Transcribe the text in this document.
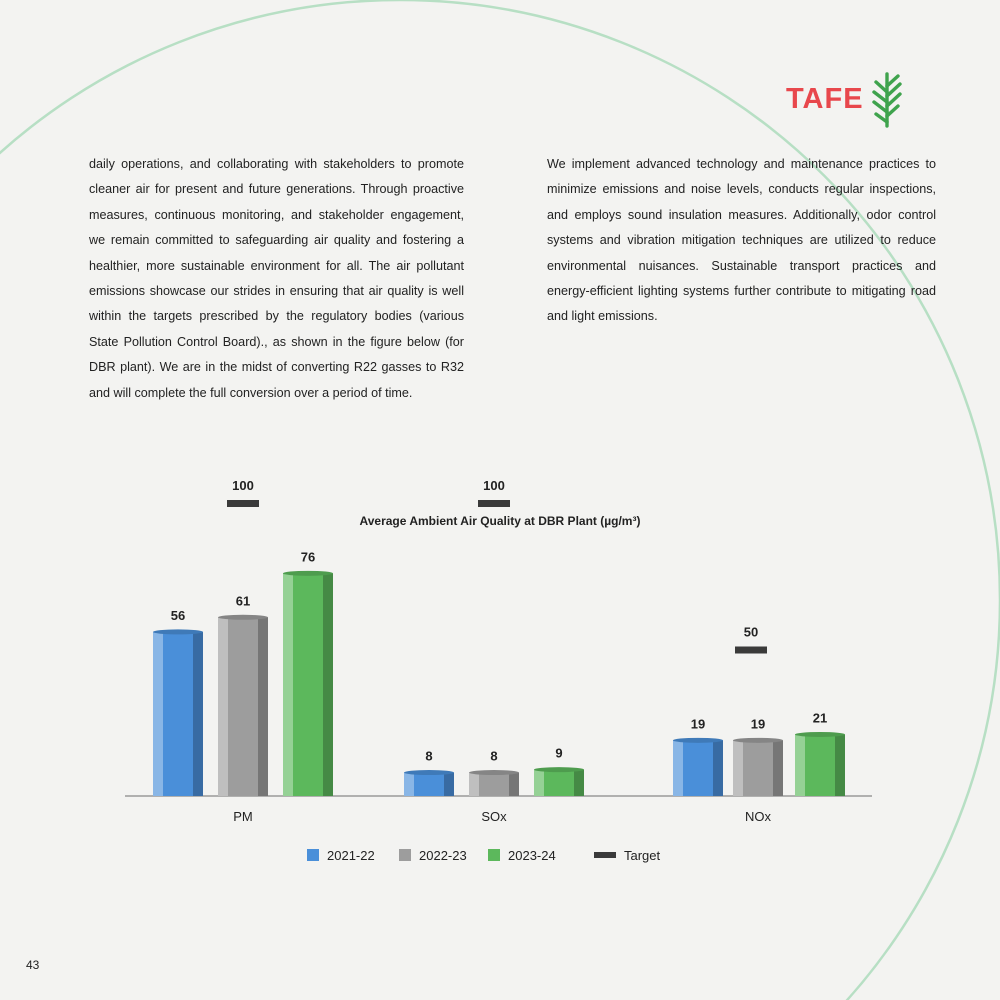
TAFE

daily operations, and collaborating with stakeholders to promote cleaner air for present and future generations. Through proactive measures, continuous monitoring, and stakeholder engagement, we remain committed to safeguarding air quality and fostering a healthier, more sustainable environment for all. The air pollutant emissions showcase our strides in ensuring that air quality is well within the targets prescribed by the regulatory bodies (various State Pollution Control Board)., as shown in the figure below (for DBR plant). We are in the midst of converting R22 gasses to R32 and will complete the full conversion over a period of time.

We implement advanced technology and maintenance practices to minimize emissions and noise levels, conducts regular inspections, and employs sound insulation measures. Additionally, odor control systems and vibration mitigation techniques are utilized to reduce environmental nuisances. Sustainable transport practices and energy-efficient lighting systems further contribute to mitigating road and light emissions.

Average Ambient Air Quality at DBR Plant (µg/m³)
56
8
19
61
8
19
76
9
21
100	100
50
PM	SOx	NOx
2021-22	2022-23	2023-24	Target
43
